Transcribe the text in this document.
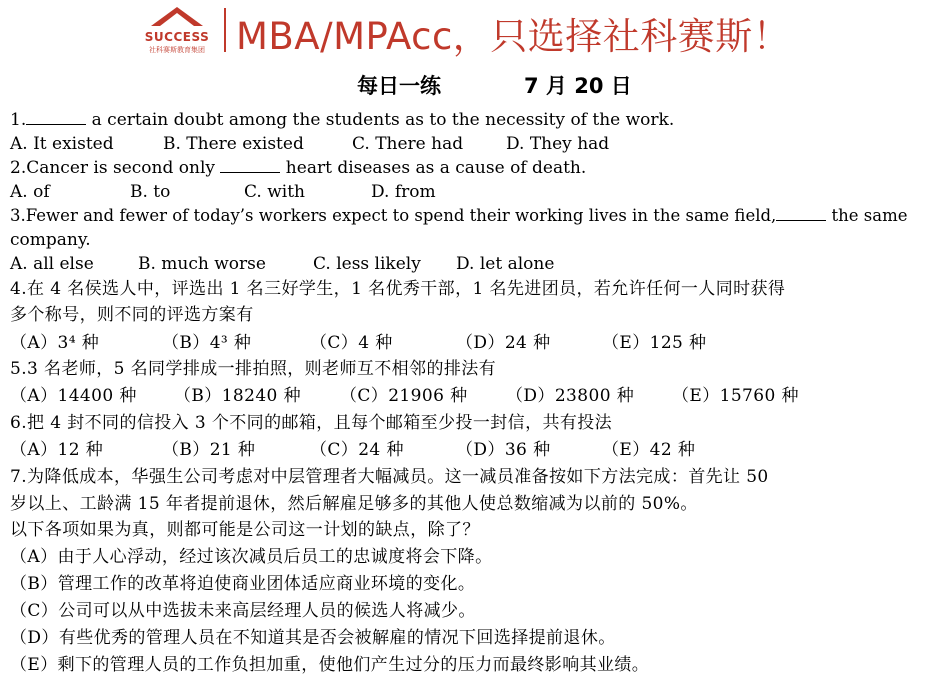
SUCCESS
社科赛斯教育集团 MBA/MPAcc，只选择社科赛斯！
每日一练	7 月 20 日
1.	a certain doubt among the students as to the necessity of the work.
A. It existed	B. There existed	C. There had	D. They had
2.Cancer is second only	heart diseases as a cause of death.
A. of	B. to	C. with	D. from
3.Fewer and fewer of today’s workers expect to spend their working lives in the same field,	the same
company.
A. all else	B. much worse	C. less likely D. let alone
4.在 4 名侯选人中，评选出 1 名三好学生，1 名优秀干部，1 名先进团员，若允许任何一人同时获得
多个称号，则不同的评选方案有
（A）3⁴ 种	（B）4³ 种	（C）4 种	（D）24 种	（E）125 种
5.3 名老师，5 名同学排成一排拍照，则老师互不相邻的排法有
（A）14400 种 （B）18240 种 （C）21906 种 （D）23800 种 （E）15760 种
6.把 4 封不同的信投入 3 个不同的邮箱，且每个邮箱至少投一封信，共有投法
（A）12 种	（B）21 种	（C）24 种	（D）36 种	（E）42 种
7.为降低成本，华强生公司考虑对中层管理者大幅减员。这一减员准备按如下方法完成：首先让 50
岁以上、工龄满 15 年者提前退休，然后解雇足够多的其他人使总数缩减为以前的 50%。
以下各项如果为真，则都可能是公司这一计划的缺点，除了？
（A）由于人心浮动，经过该次减员后员工的忠诚度将会下降。
（B）管理工作的改革将迫使商业团体适应商业环境的变化。
（C）公司可以从中选拔未来高层经理人员的候选人将减少。
（D）有些优秀的管理人员在不知道其是否会被解雇的情况下回选择提前退休。
（E）剩下的管理人员的工作负担加重，使他们产生过分的压力而最终影响其业绩。
